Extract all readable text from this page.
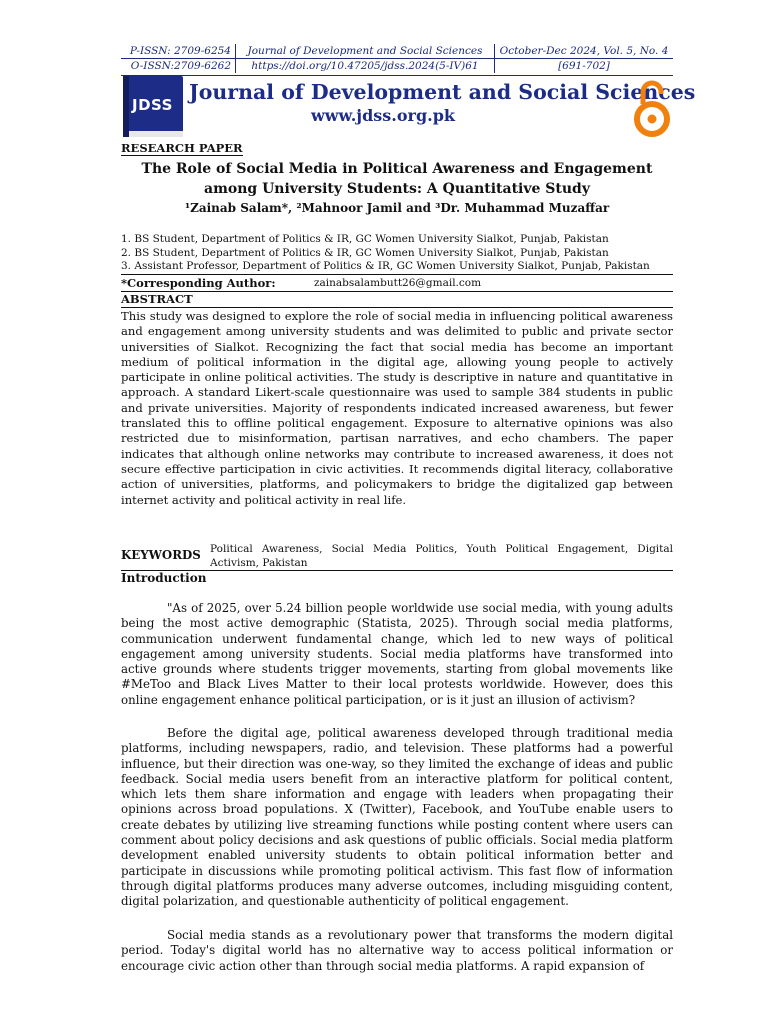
P-ISSN: 2709-6254	Journal of Development and Social Sciences	October-Dec 2024, Vol. 5, No. 4
O-ISSN:2709-6262	https://doi.org/10.47205/jdss.2024(5-IV)61	[691-702]
JDSS
Journal of Development and Social Sciences
www.jdss.org.pk
RESEARCH PAPER
The Role of Social Media in Political Awareness and Engagement
among University Students: A Quantitative Study
¹Zainab Salam*, ²Mahnoor Jamil and ³Dr. Muhammad Muzaffar
1. BS Student, Department of Politics & IR, GC Women University Sialkot, Punjab, Pakistan
2. BS Student, Department of Politics & IR, GC Women University Sialkot, Punjab, Pakistan
3. Assistant Professor, Department of Politics & IR, GC Women University Sialkot, Punjab, Pakistan
*Corresponding Author:	zainabsalambutt26@gmail.com
ABSTRACT
This study was designed to explore the role of social media in influencing political awareness and engagement among university students and was delimited to public and private sector universities of Sialkot. Recognizing the fact that social media has become an important medium of political information in the digital age, allowing young people to actively participate in online political activities. The study is descriptive in nature and quantitative in approach. A standard Likert-scale questionnaire was used to sample 384 students in public and private universities. Majority of respondents indicated increased awareness, but fewer translated this to offline political engagement. Exposure to alternative opinions was also restricted due to misinformation, partisan narratives, and echo chambers. The paper indicates that although online networks may contribute to increased awareness, it does not secure effective participation in civic activities. It recommends digital literacy, collaborative action of universities, platforms, and policymakers to bridge the digitalized gap between internet activity and political activity in real life.
KEYWORDS Political Awareness, Social Media Politics, Youth Political Engagement, Digital Activism, Pakistan
Introduction
"As of 2025, over 5.24 billion people worldwide use social media, with young adults being the most active demographic (Statista, 2025). Through social media platforms, communication underwent fundamental change, which led to new ways of political engagement among university students. Social media platforms have transformed into active grounds where students trigger movements, starting from global movements like #MeToo and Black Lives Matter to their local protests worldwide. However, does this online engagement enhance political participation, or is it just an illusion of activism?
Before the digital age, political awareness developed through traditional media platforms, including newspapers, radio, and television. These platforms had a powerful influence, but their direction was one-way, so they limited the exchange of ideas and public feedback. Social media users benefit from an interactive platform for political content, which lets them share information and engage with leaders when propagating their opinions across broad populations. X (Twitter), Facebook, and YouTube enable users to create debates by utilizing live streaming functions while posting content where users can comment about policy decisions and ask questions of public officials. Social media platform development enabled university students to obtain political information better and participate in discussions while promoting political activism. This fast flow of information through digital platforms produces many adverse outcomes, including misguiding content, digital polarization, and questionable authenticity of political engagement.
Social media stands as a revolutionary power that transforms the modern digital period. Today's digital world has no alternative way to access political information or encourage civic action other than through social media platforms. A rapid expansion of
